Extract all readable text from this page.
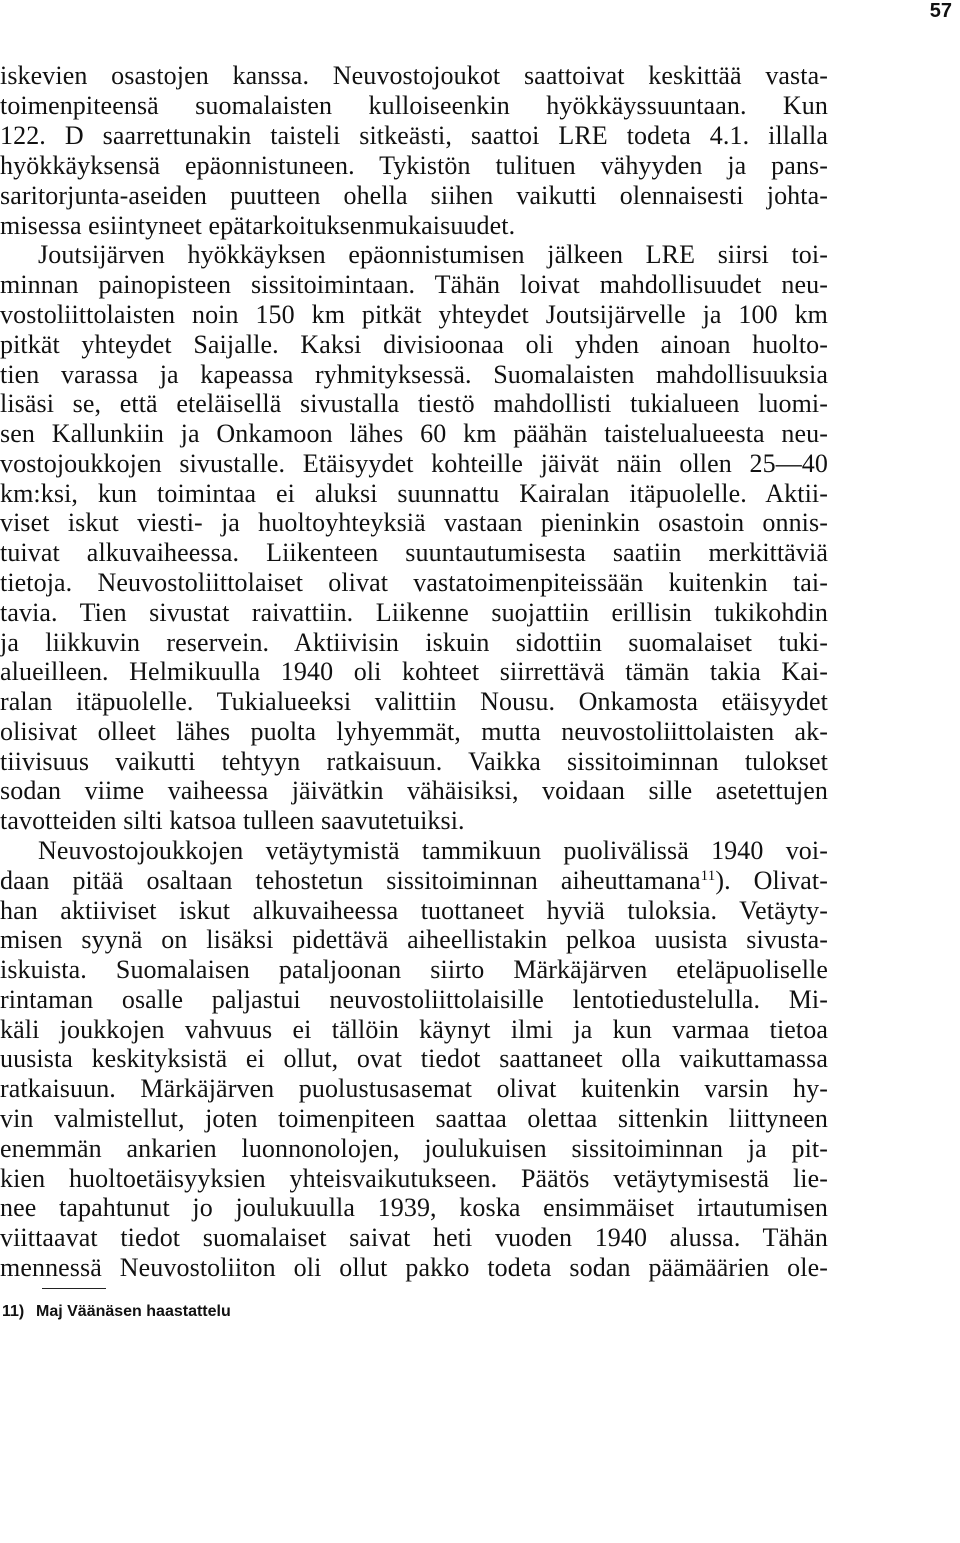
57
iskevien osastojen kanssa. Neuvostojoukot saattoivat keskittää vasta-
toimenpiteensä suomalaisten kulloiseenkin hyökkäyssuuntaan. Kun
122. D saarrettunakin taisteli sitkeästi, saattoi LRE todeta 4.1. illalla
hyökkäyksensä epäonnistuneen. Tykistön tulituen vähyyden ja pans-
saritorjunta-aseiden puutteen ohella siihen vaikutti olennaisesti johta-
misessa esiintyneet epätarkoituksenmukaisuudet.
Joutsijärven hyökkäyksen epäonnistumisen jälkeen LRE siirsi toi-
minnan painopisteen sissitoimintaan. Tähän loivat mahdollisuudet neu-
vostoliittolaisten noin 150 km pitkät yhteydet Joutsijärvelle ja 100 km
pitkät yhteydet Saijalle. Kaksi divisioonaa oli yhden ainoan huolto-
tien varassa ja kapeassa ryhmityksessä. Suomalaisten mahdollisuuksia
lisäsi se, että eteläisellä sivustalla tiestö mahdollisti tukialueen luomi-
sen Kallunkiin ja Onkamoon lähes 60 km päähän taistelualueesta neu-
vostojoukkojen sivustalle. Etäisyydet kohteille jäivät näin ollen 25—40
km:ksi, kun toimintaa ei aluksi suunnattu Kairalan itäpuolelle. Aktii-
viset iskut viesti- ja huoltoyhteyksiä vastaan pieninkin osastoin onnis-
tuivat alkuvaiheessa. Liikenteen suuntautumisesta saatiin merkittäviä
tietoja. Neuvostoliittolaiset olivat vastatoimenpiteissään kuitenkin tai-
tavia. Tien sivustat raivattiin. Liikenne suojattiin erillisin tukikohdin
ja liikkuvin reservein. Aktiivisin iskuin sidottiin suomalaiset tuki-
alueilleen. Helmikuulla 1940 oli kohteet siirrettävä tämän takia Kai-
ralan itäpuolelle. Tukialueeksi valittiin Nousu. Onkamosta etäisyydet
olisivat olleet lähes puolta lyhyemmät, mutta neuvostoliittolaisten ak-
tiivisuus vaikutti tehtyyn ratkaisuun. Vaikka sissitoiminnan tulokset
sodan viime vaiheessa jäivätkin vähäisiksi, voidaan sille asetettujen
tavotteiden silti katsoa tulleen saavutetuiksi.
Neuvostojoukkojen vetäytymistä tammikuun puolivälissä 1940 voi-
daan pitää osaltaan tehostetun sissitoiminnan aiheuttamana$^{11}$). Olivat-
han aktiiviset iskut alkuvaiheessa tuottaneet hyviä tuloksia. Vetäyty-
misen syynä on lisäksi pidettävä aiheellistakin pelkoa uusista sivusta-
iskuista. Suomalaisen pataljoonan siirto Märkäjärven eteläpuoliselle
rintaman osalle paljastui neuvostoliittolaisille lentotiedustelulla. Mi-
käli joukkojen vahvuus ei tällöin käynyt ilmi ja kun varmaa tietoa
uusista keskityksistä ei ollut, ovat tiedot saattaneet olla vaikuttamassa
ratkaisuun. Märkäjärven puolustusasemat olivat kuitenkin varsin hy-
vin valmistellut, joten toimenpiteen saattaa olettaa sittenkin liittyneen
enemmän ankarien luonnonolojen, joulukuisen sissitoiminnan ja pit-
kien huoltoetäisyyksien yhteisvaikutukseen. Päätös vetäytymisestä lie-
nee tapahtunut jo joulukuulla 1939, koska ensimmäiset irtautumisen
viittaavat tiedot suomalaiset saivat heti vuoden 1940 alussa. Tähän
mennessä Neuvostoliiton oli ollut pakko todeta sodan päämäärien ole-
11) Maj Väänäsen haastattelu
